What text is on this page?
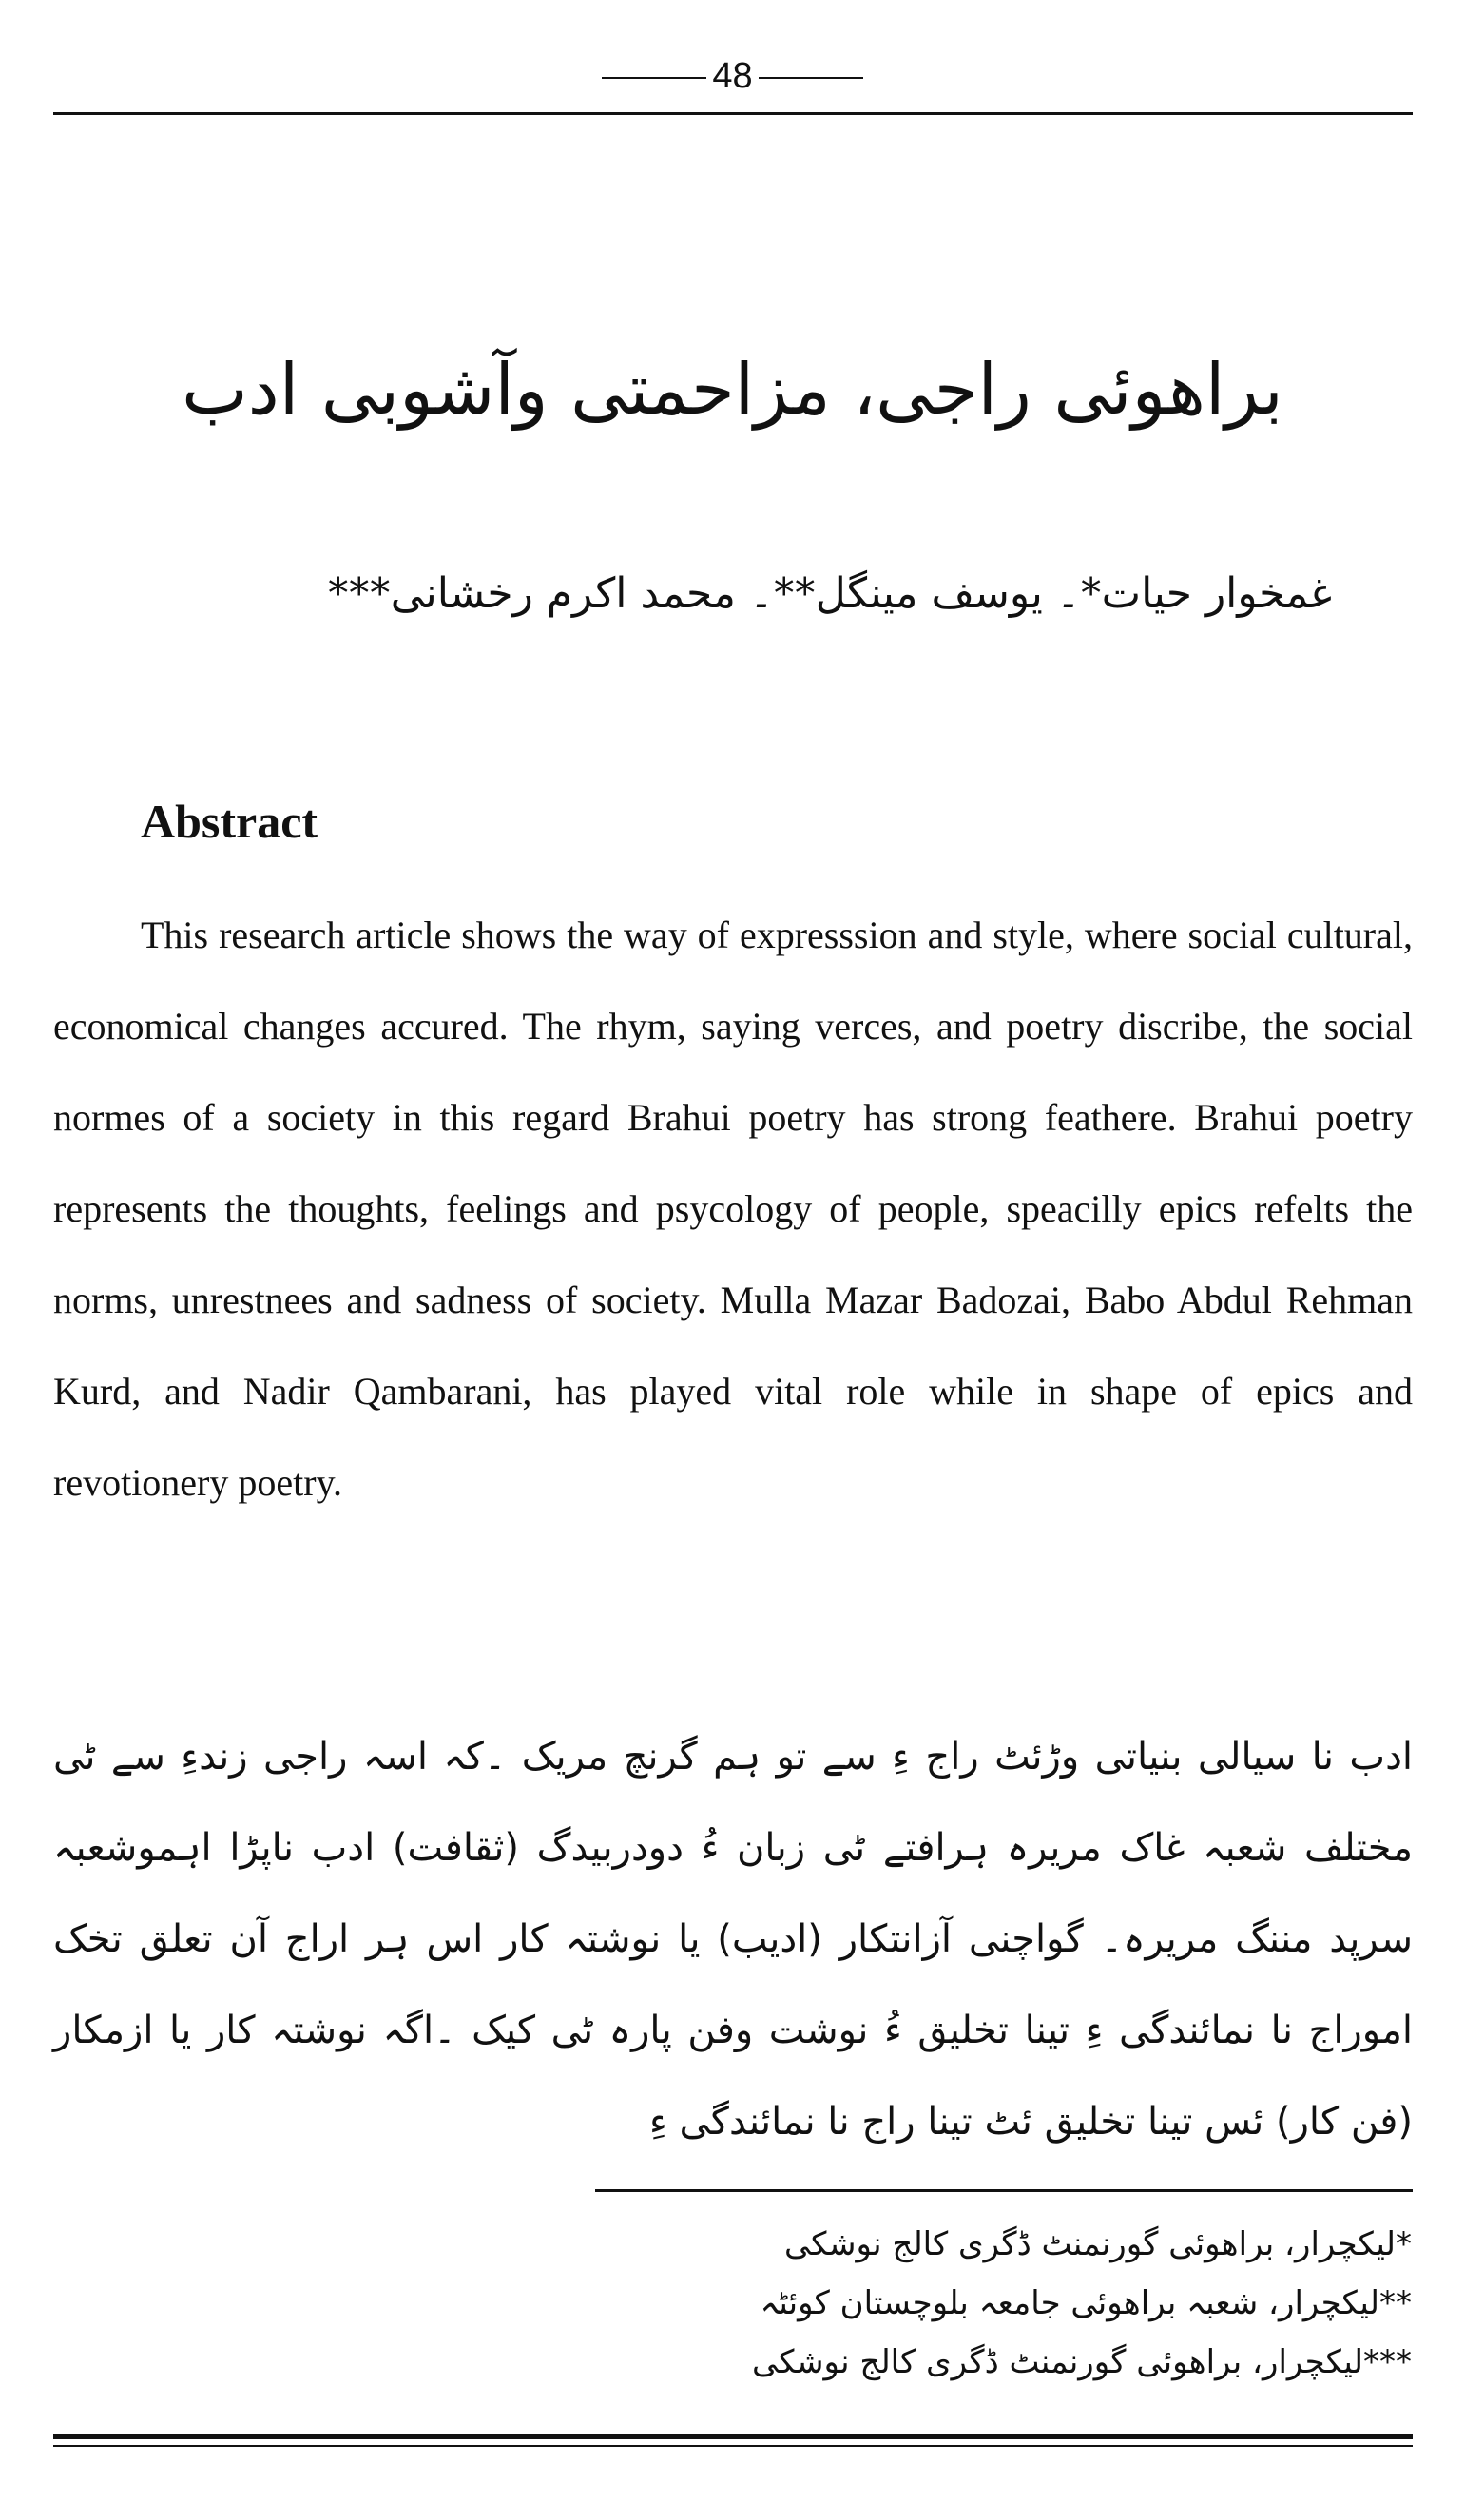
48
براھوئی راجی، مزاحمتی وآشوبی ادب
غمخوار حیات*۔ یوسف مینگل**۔ محمد اکرم رخشانی***
Abstract
This research article shows the way of expresssion and style, where social cultural, economical changes accured. The rhym, saying verces, and poetry discribe, the social normes of a society in this regard Brahui poetry has strong feathere. Brahui poetry represents the thoughts, feelings and psycology of people, speacilly epics refelts the norms, unrestnees and sadness of society. Mulla Mazar Badozai, Babo Abdul Rehman Kurd, and Nadir Qambarani, has played vital role while in shape of epics and revotionery poetry.
ادب نا سیالی بنیاتی وڑئٹ راج ءِ سے تو ہم گرنچ مریک ۔کہ اسہ راجی زندءِ سے ٹی مختلف شعبہ غاک مریرہ ہرافتے ٹی زبان ءُ دودربیدگ (ثقافت) ادب ناپڑا اہموشعبہ سرپد مننگ مریرہ۔ گواچنی آزانتکار (ادیب) یا نوشتہ کار اس ہر اراج آن تعلق تخک اموراج نا نمائندگی ءِ تینا تخلیق ءُ نوشت وفن پارہ ٹی کیک ۔اگہ نوشتہ کار یا ازمکار (فن کار) ئس تینا تخلیق ئٹ تینا راج نا نمائندگی ءِ
*لیکچرار، براھوئی گورنمنٹ ڈگری کالج نوشکی
**لیکچرار، شعبہ براھوئی جامعہ بلوچستان کوئٹہ
***لیکچرار، براھوئی گورنمنٹ ڈگری کالج نوشکی
